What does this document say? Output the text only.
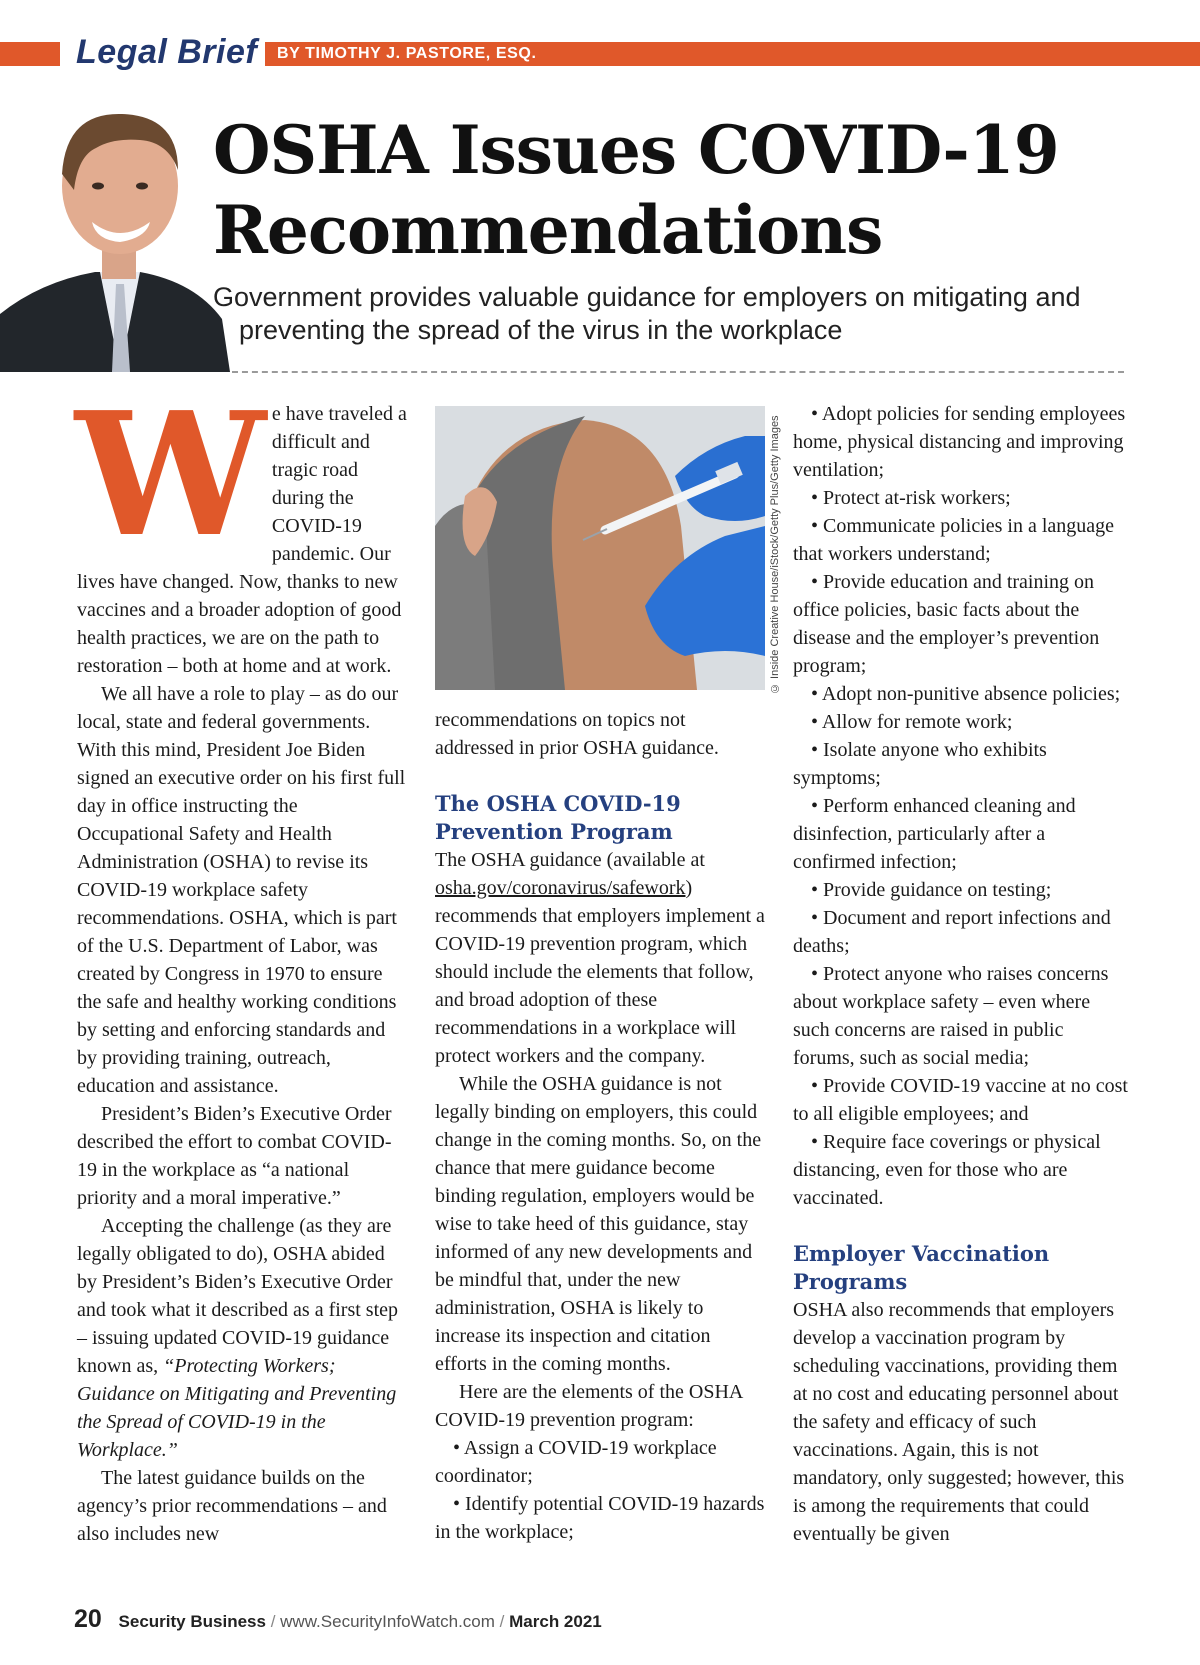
Legal Brief BY TIMOTHY J. PASTORE, ESQ.
OSHA Issues COVID-19
Recommendations

Government provides valuable guidance for employers on mitigating and
preventing the spread of the virus in the workplace

W e have traveled a difficult and tragic road during the COVID-19 pandemic. Our lives have changed. Now, thanks to new vaccines and a broader adoption of good health practices, we are on the path to restoration – both at home and at work.

We all have a role to play – as do our local, state and federal governments. With this mind, President Joe Biden signed an executive order on his first full day in office instructing the Occupational Safety and Health Administration (OSHA) to revise its COVID-19 workplace safety recommendations. OSHA, which is part of the U.S. Department of Labor, was created by Congress in 1970 to ensure the safe and healthy working conditions by setting and enforcing standards and by providing training, outreach, education and assistance.

President’s Biden’s Executive Order described the effort to combat COVID-19 in the workplace as “a national priority and a moral imperative.”

Accepting the challenge (as they are legally obligated to do), OSHA abided by President’s Biden’s Executive Order and took what it described as a first step – issuing updated COVID-19 guidance known as, “Protecting Workers; Guidance on Mitigating and Preventing the Spread of COVID-19 in the Workplace.”

The latest guidance builds on the agency’s prior recommendations – and also includes new

© Inside Creative House/iStock/Getty Plus/Getty Images

recommendations on topics not addressed in prior OSHA guidance.

The OSHA COVID-19 Prevention Program

The OSHA guidance (available at osha.gov/coronavirus/safework) recommends that employers implement a COVID-19 prevention program, which should include the elements that follow, and broad adoption of these recommendations in a workplace will protect workers and the company.

While the OSHA guidance is not legally binding on employers, this could change in the coming months. So, on the chance that mere guidance become binding regulation, employers would be wise to take heed of this guidance, stay informed of any new developments and be mindful that, under the new administration, OSHA is likely to increase its inspection and citation efforts in the coming months.

Here are the elements of the OSHA COVID-19 prevention program:

• Assign a COVID-19 workplace coordinator;

• Identify potential COVID-19 hazards in the workplace;

• Adopt policies for sending employees home, physical distancing and improving ventilation;

• Protect at-risk workers;

• Communicate policies in a language that workers understand;

• Provide education and training on office policies, basic facts about the disease and the employer’s prevention program;

• Adopt non-punitive absence policies;

• Allow for remote work;

• Isolate anyone who exhibits symptoms;

• Perform enhanced cleaning and disinfection, particularly after a confirmed infection;

• Provide guidance on testing;

• Document and report infections and deaths;

• Protect anyone who raises concerns about workplace safety – even where such concerns are raised in public forums, such as social media;

• Provide COVID-19 vaccine at no cost to all eligible employees; and

• Require face coverings or physical distancing, even for those who are vaccinated.

Employer Vaccination Programs

OSHA also recommends that employers develop a vaccination program by scheduling vaccinations, providing them at no cost and educating personnel about the safety and efficacy of such vaccinations. Again, this is not mandatory, only suggested; however, this is among the requirements that could eventually be given

20 Security Business / www.SecurityInfoWatch.com / March 2021
